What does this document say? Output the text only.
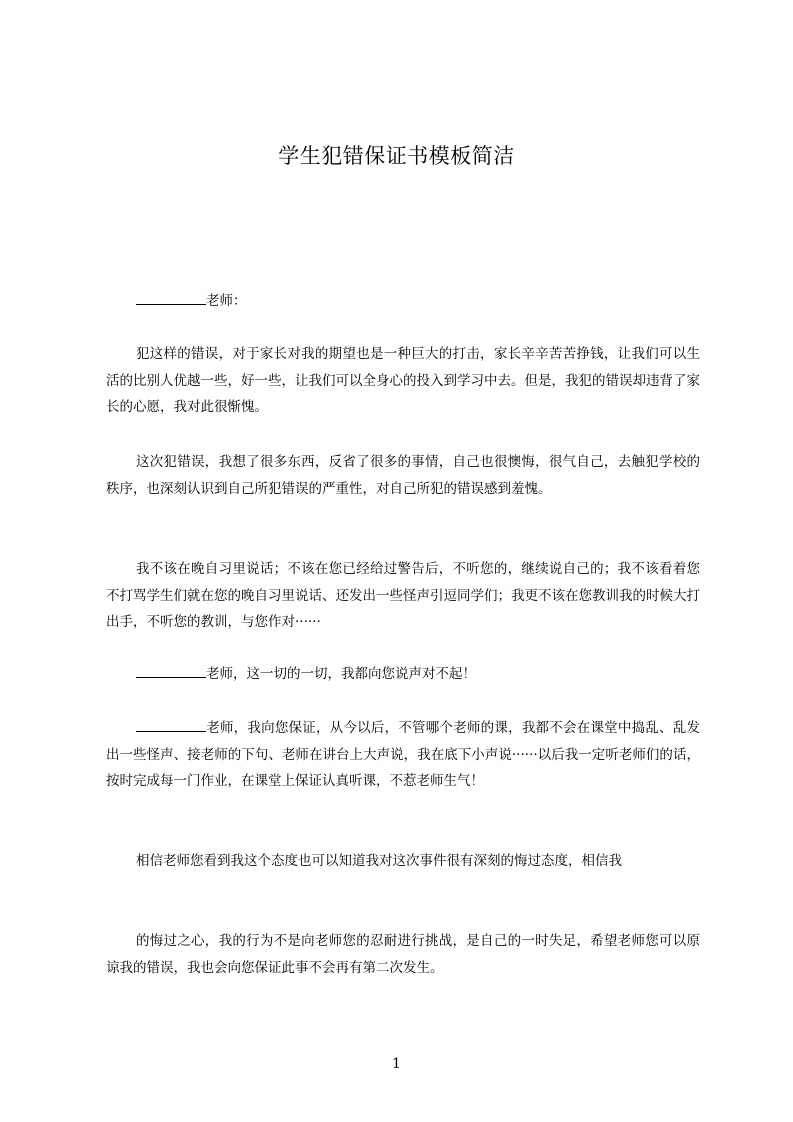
学生犯错保证书模板简洁

老师：

犯这样的错误，对于家长对我的期望也是一种巨大的打击，家长辛辛苦苦挣钱，让我们可以生活的比别人优越一些，好一些，让我们可以全身心的投入到学习中去。但是，我犯的错误却违背了家长的心愿，我对此很惭愧。

这次犯错误，我想了很多东西，反省了很多的事情，自己也很懊悔，很气自己，去触犯学校的秩序，也深刻认识到自己所犯错误的严重性，对自己所犯的错误感到羞愧。

我不该在晚自习里说话；不该在您已经给过警告后，不听您的，继续说自己的；我不该看着您不打骂学生们就在您的晚自习里说话、还发出一些怪声引逗同学们；我更不该在您教训我的时候大打出手，不听您的教训，与您作对······

老师，这一切的一切，我都向您说声对不起！

老师，我向您保证，从今以后，不管哪个老师的课，我都不会在课堂中捣乱、乱发出一些怪声、接老师的下句、老师在讲台上大声说，我在底下小声说······以后我一定听老师们的话，按时完成每一门作业，在课堂上保证认真听课，不惹老师生气！

相信老师您看到我这个态度也可以知道我对这次事件很有深刻的悔过态度，相信我

的悔过之心，我的行为不是向老师您的忍耐进行挑战，是自己的一时失足，希望老师您可以原谅我的错误，我也会向您保证此事不会再有第二次发生。

1
